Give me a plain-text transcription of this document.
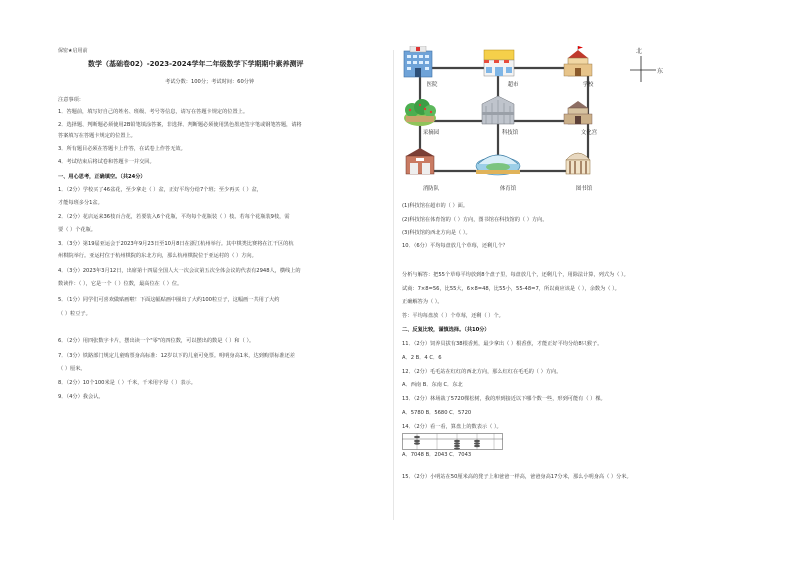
保密★启用前
数学（基础卷02）-2023-2024学年二年级数学下学期期中素养测评
考试分数：100分；考试时间：60分钟
注意事项：
1．答题前，填写好自己的姓名、班级、考号等信息，请写在答题卡规定的位置上。
2．选择题、判断题必须使用2B铅笔填涂答案，非选择、判断题必须使用黑色墨迹签字笔或钢笔答题，请将
答案填写在答题卡规定的位置上。
3．所有题目必须在答题卡上作答，在试卷上作答无效。
4．考试结束后将试卷和答题卡一并交回。
一、用心思考，正确填空。（共24分）
1．（2分）学校买了46盆花，至少拿走（ ）盆，正好平均分给7个班；至少再买（ ）盆，
才能每班多分1盆。
2．（2分）花店运来36枝百合花，若要装入6个花瓶，平均每个花瓶装（ ）枝。若每个花瓶装9枝，需
要（ ）个花瓶。
3．（3分）第19届亚运会于2023年9月23日至10月8日在浙江杭州举行。其中棋类比赛将在江干区的杭
州棋院举行。亚运村位于杭州棋院的东北方向，那么杭州棋院位于亚运村的（ ）方向。
4．（3分）2023年3月12日，出席第十四届全国人大一次会议第五次全体会议的代表有2948人，横线上的
数读作：（ ），它是一个（ ）位数，最高位在（ ）位。
5．（1分）同学们可喜欢做贴画啦！下面这幅贴画中圈出了大约100粒豆子，这幅画一共用了大约
（ ）粒豆子。
6．（2分）用四张数字卡片，摆出读一个"零"的四位数，可以摆出的数是（ ）和（ ）。
7．（3分）铁路部门规定儿童购票身高标准：12岁以下的儿童可免票。明明身高1米，达到购票标准还差
（ ）厘米。
8．（2分）10个100米是（ ）千米，千米用字母（ ）表示。
9．（4分）我会认。
北
东
医院	超市	学校
采摘园	科技馆	文化宫
消防队	体育馆	图书馆
(1)科技馆在超市的（ ）面。
(2)科技馆在体育馆的（ ）方向，图书馆在科技馆的（ ）方向。
(3)科技馆的西北方向是（ ）。
10．（6分）平均每盘放几个草莓，还剩几个？
分析与解答：把55个草莓平均放到8个盘子里，每盘放几个，还剩几个，用除法计算，列式为（ ）。
试商：7×8=56，比55大，6×8=48，比55小，55-48=7，所以商应该是（ ），余数为（ ）。
正确解答为（ ）。
答：平均每盘放（ ）个草莓，还剩（ ）个。
二、反复比较，谨慎选择。（共10分）
11．（2分）饲养员拔有38根香蕉，最少拿出（ ）根香蕉，才能正好平均分给8只猴子。
A．2 B．4 C．6
12．（2分）毛毛站在红红的西北方向，那么红红在毛毛的（ ）方向。
A．西南 B．东南 C．东北
13．（2分）林场栽了5720棵松树，我的形到接近以下哪个数一些，形到可能有（ ）棵。
A．5780 B．5680 C．5720
14．（2分）看一看，算盘上的数表示（ ）。
A．7048 B．2043 C．7043
15．（2分）小明站在50厘米高的凳子上和爸爸一样高，爸爸身高17分米，那么小明身高（ ）分米。
